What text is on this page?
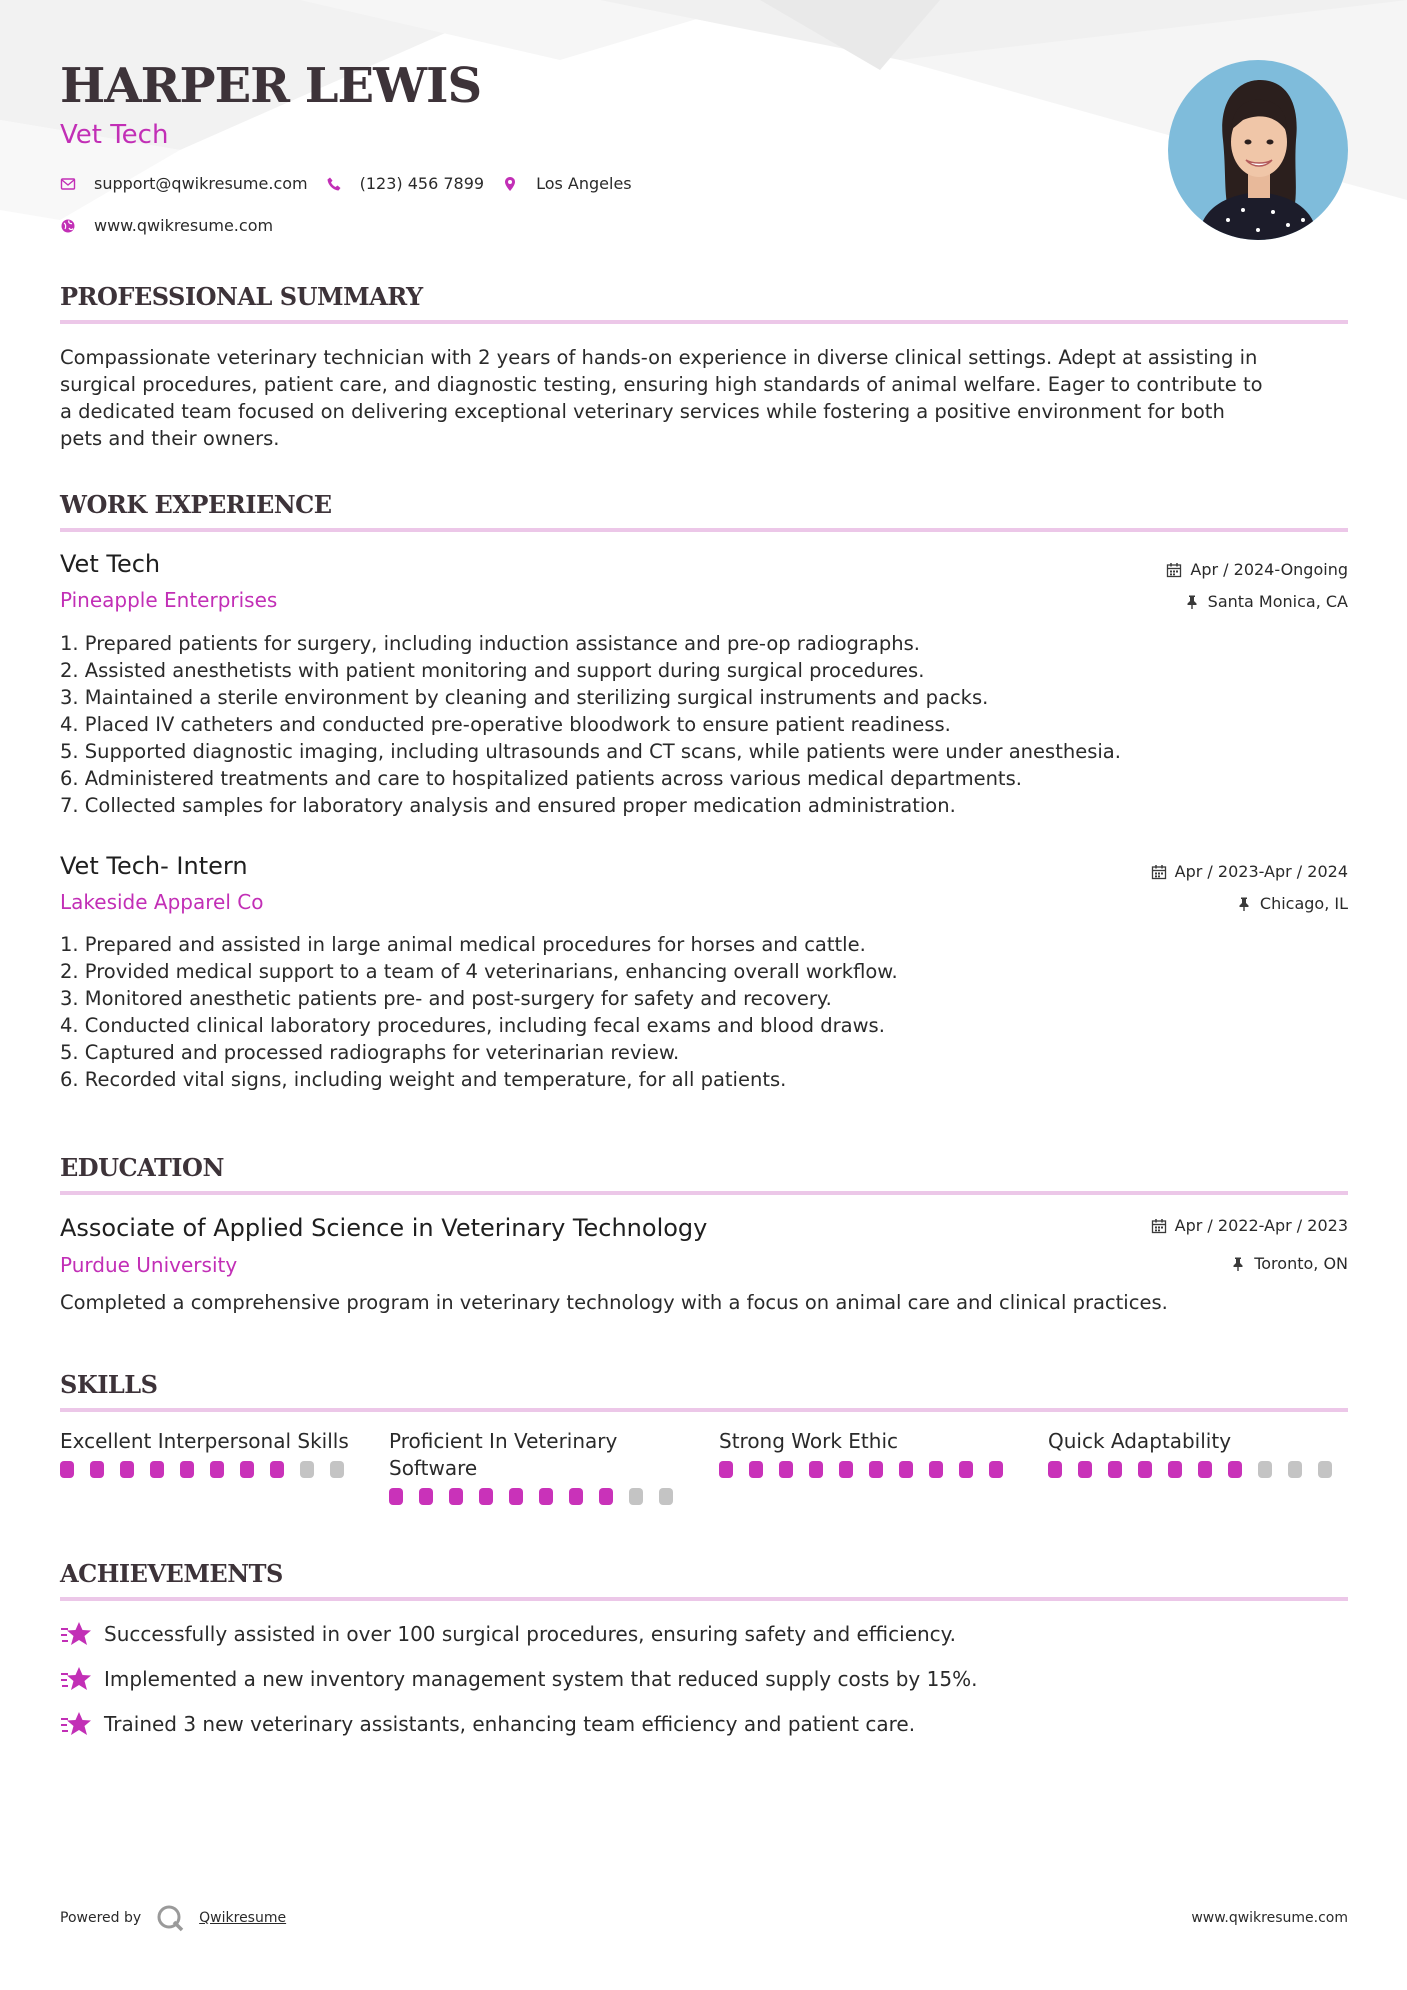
HARPER LEWIS
Vet Tech
support@qwikresume.com	(123) 456 7899	Los Angeles
www.qwikresume.com
PROFESSIONAL SUMMARY
Compassionate veterinary technician with 2 years of hands-on experience in diverse clinical settings. Adept at assisting in
surgical procedures, patient care, and diagnostic testing, ensuring high standards of animal welfare. Eager to contribute to
a dedicated team focused on delivering exceptional veterinary services while fostering a positive environment for both
pets and their owners.
WORK EXPERIENCE
Vet Tech	Apr / 2024-Ongoing
Pineapple Enterprises	Santa Monica, CA
1. Prepared patients for surgery, including induction assistance and pre-op radiographs.
2. Assisted anesthetists with patient monitoring and support during surgical procedures.
3. Maintained a sterile environment by cleaning and sterilizing surgical instruments and packs.
4. Placed IV catheters and conducted pre-operative bloodwork to ensure patient readiness.
5. Supported diagnostic imaging, including ultrasounds and CT scans, while patients were under anesthesia.
6. Administered treatments and care to hospitalized patients across various medical departments.
7. Collected samples for laboratory analysis and ensured proper medication administration.
Vet Tech- Intern	Apr / 2023-Apr / 2024
Lakeside Apparel Co	Chicago, IL
1. Prepared and assisted in large animal medical procedures for horses and cattle.
2. Provided medical support to a team of 4 veterinarians, enhancing overall workflow.
3. Monitored anesthetic patients pre- and post-surgery for safety and recovery.
4. Conducted clinical laboratory procedures, including fecal exams and blood draws.
5. Captured and processed radiographs for veterinarian review.
6. Recorded vital signs, including weight and temperature, for all patients.
EDUCATION
Associate of Applied Science in Veterinary Technology	Apr / 2022-Apr / 2023
Purdue University	Toronto, ON
Completed a comprehensive program in veterinary technology with a focus on animal care and clinical practices.
SKILLS
Excellent Interpersonal Skills	Proficient In Veterinary
Software
Strong Work Ethic	Quick Adaptability
ACHIEVEMENTS
Successfully assisted in over 100 surgical procedures, ensuring safety and efficiency.
Implemented a new inventory management system that reduced supply costs by 15%.
Trained 3 new veterinary assistants, enhancing team efficiency and patient care.
Powered by	Qwikresume	www.qwikresume.com
